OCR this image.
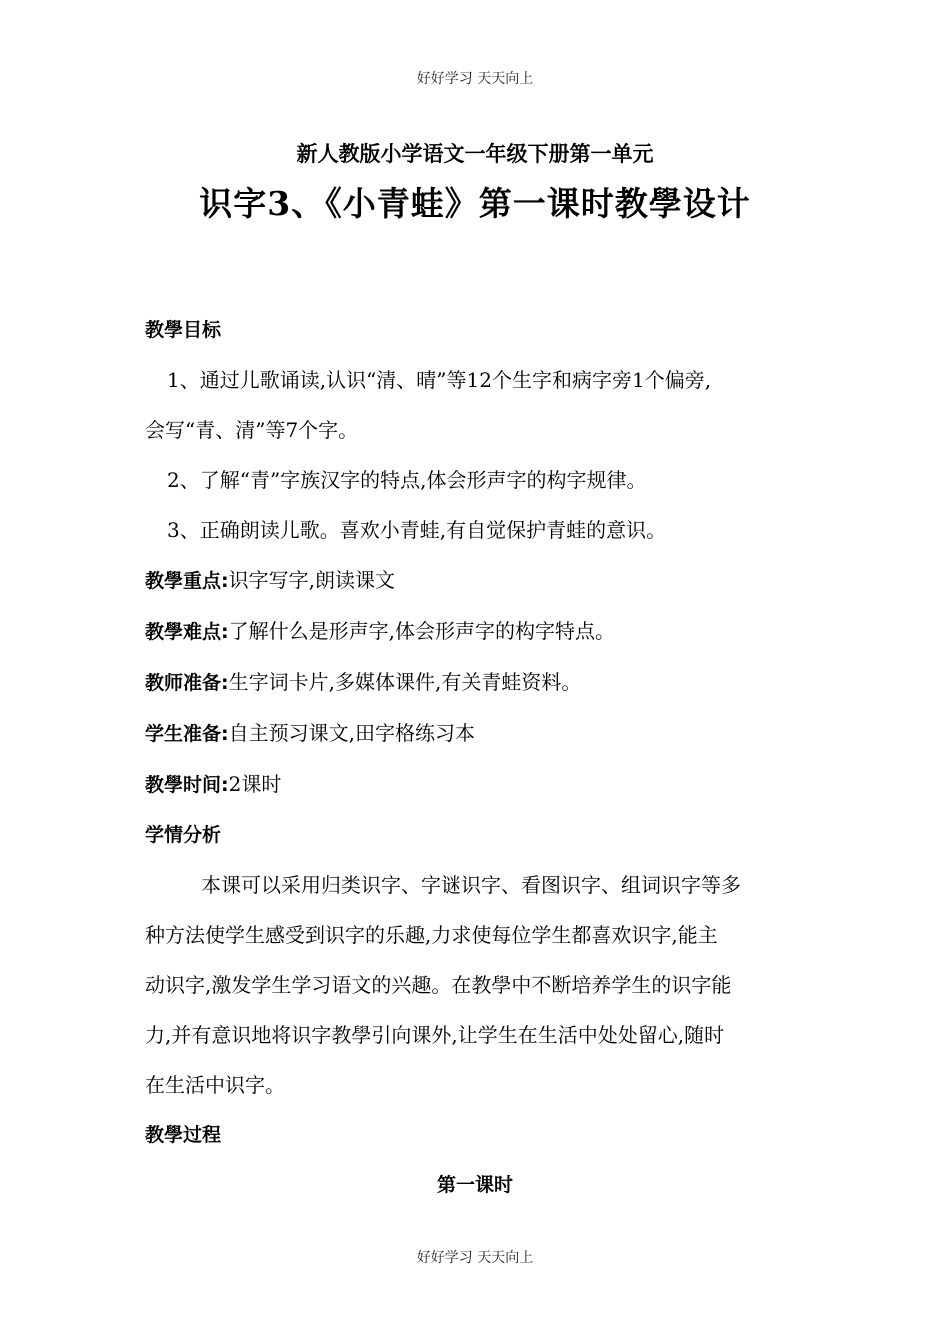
好好学习 天天向上
新人教版小学语文一年级下册第一单元
识字3、《小青蛙》第一课时教學设计

教學目标

1、通过儿歌诵读,认识“清、晴”等12个生字和病字旁1个偏旁,

会写“青、清”等7个字。

2、了解“青”字族汉字的特点,体会形声字的构字规律。

3、正确朗读儿歌。喜欢小青蛙,有自觉保护青蛙的意识。

教學重点:识字写字,朗读课文

教學难点:了解什么是形声字,体会形声字的构字特点。

教师准备:生字词卡片,多媒体课件,有关青蛙资料。

学生准备:自主预习课文,田字格练习本

教學时间:2课时

学情分析

本课可以采用归类识字、字谜识字、看图识字、组词识字等多

种方法使学生感受到识字的乐趣,力求使每位学生都喜欢识字,能主

动识字,激发学生学习语文的兴趣。在教學中不断培养学生的识字能

力,并有意识地将识字教學引向课外,让学生在生活中处处留心,随时

在生活中识字。

教學过程

第一课时

好好学习 天天向上
